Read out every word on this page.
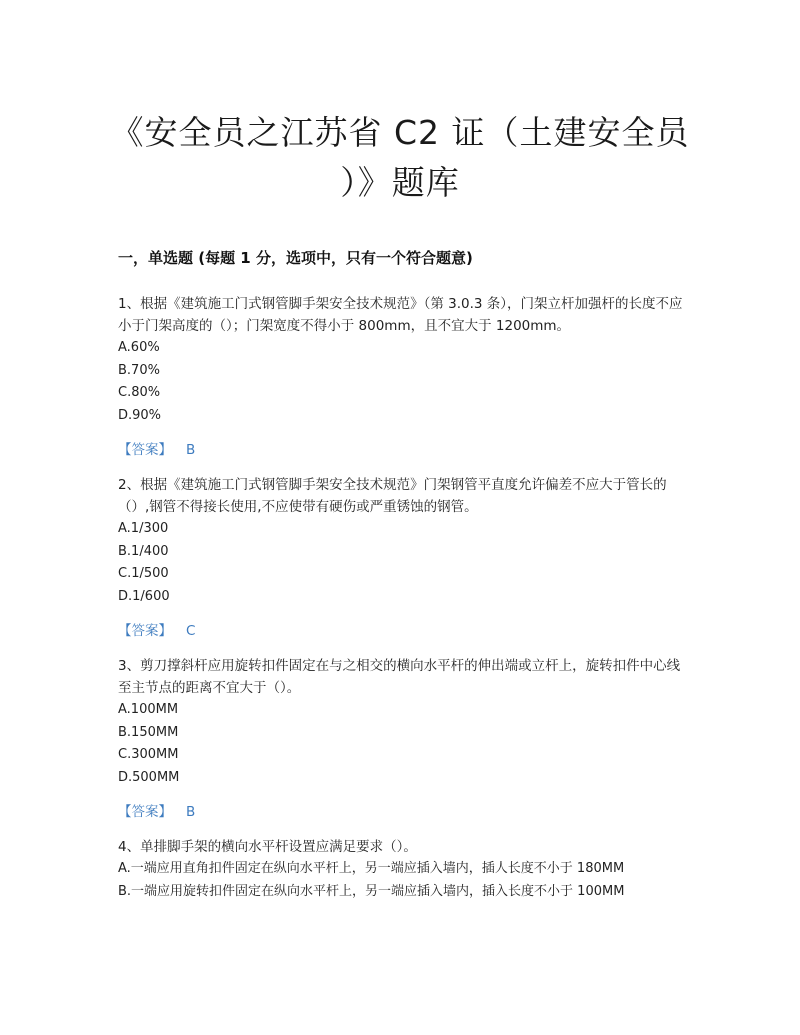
《安全员之江苏省 C2 证（土建安全员
）》题库
一，单选题 (每题 1 分，选项中，只有一个符合题意)

1、根据《建筑施工门式钢管脚手架安全技术规范》（第 3.0.3 条），门架立杆加强杆的长度不应小于门架高度的（）；门架宽度不得小于 800mm，且不宜大于 1200mm。

A.60%

B.70%

C.80%

D.90%

【答案】 B

2、根据《建筑施工门式钢管脚手架安全技术规范》门架钢管平直度允许偏差不应大于管长的（）,钢管不得接长使用,不应使带有硬伤或严重锈蚀的钢管。

A.1/300

B.1/400

C.1/500

D.1/600

【答案】 C

3、剪刀撑斜杆应用旋转扣件固定在与之相交的横向水平杆的伸出端或立杆上，旋转扣件中心线至主节点的距离不宜大于（）。

A.100MM

B.150MM

C.300MM

D.500MM

【答案】 B

4、单排脚手架的横向水平杆设置应满足要求（）。

A.一端应用直角扣件固定在纵向水平杆上，另一端应插入墙内，插人长度不小于 180MM

B.一端应用旋转扣件固定在纵向水平杆上，另一端应插入墙内，插入长度不小于 100MM
